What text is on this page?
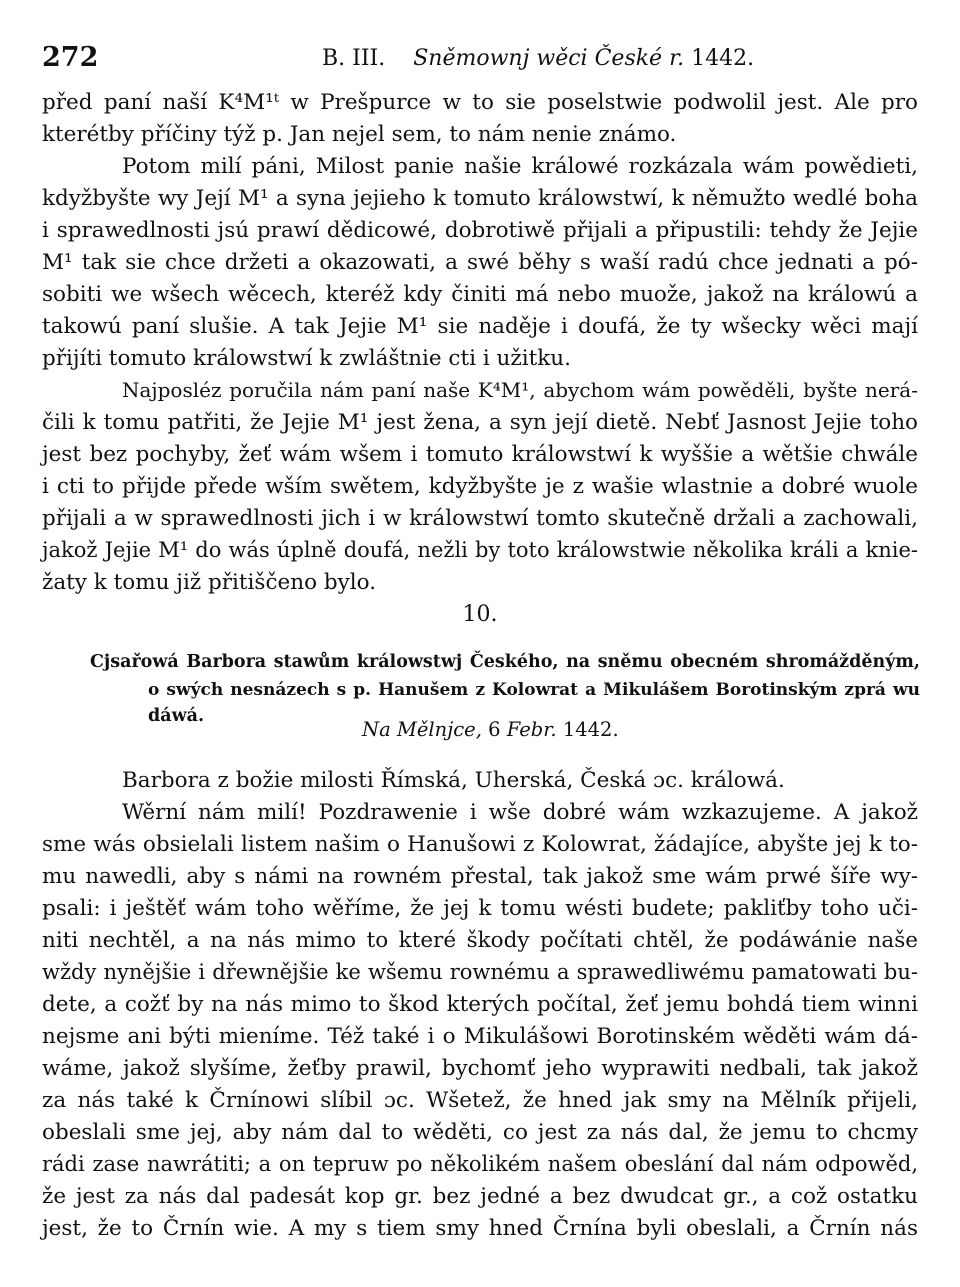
272	B. III. Sněmownj wěci České r. 1442.
před paní naší K⁴M¹ᵗ w Prešpurce w to sie poselstwie podwolil jest. Ale pro
kterétby příčiny týž p. Jan nejel sem, to nám nenie známo.
Potom milí páni, Milost panie našie králowé rozkázala wám powědieti,
kdyžbyšte wy Její M¹ a syna jejieho k tomuto králowstwí, k němužto wedlé boha
i sprawedlnosti jsú prawí dědicowé, dobrotiwě přijali a připustili: tehdy že Jejie
M¹ tak sie chce držeti a okazowati, a swé běhy s waší radú chce jednati a pó-
sobiti we wšech wěcech, kteréž kdy činiti má nebo muože, jakož na králowú a
takowú paní slušie. A tak Jejie M¹ sie naděje i doufá, že ty wšecky wěci mají
přijíti tomuto králowstwí k zwláštnie cti i užitku.
Najposléz poručila nám paní naše K⁴M¹, abychom wám powěděli, byšte nerá-
čili k tomu patřiti, že Jejie M¹ jest žena, a syn její dietě. Nebť Jasnost Jejie toho
jest bez pochyby, žeť wám wšem i tomuto králowstwí k wyššie a wětšie chwále
i cti to přijde přede wším swětem, kdyžbyšte je z wašie wlastnie a dobré wuole
přijali a w sprawedlnosti jich i w králowstwí tomto skutečně držali a zachowali,
jakož Jejie M¹ do wás úplně doufá, nežli by toto králowstwie několika králi a knie-
žaty k tomu již přitiščeno bylo.
10.
Cjsařowá Barbora stawům králowstwj Českého, na sněmu obecném shromážděným,
o swých nesnázech s p. Hanušem z Kolowrat a Mikulášem Borotinským zprá wu
dáwá.
Na Mělnjce, 6 Febr. 1442.
Barbora z božie milosti Římská, Uherská, Česká ɔc. králowá.
Wěrní nám milí! Pozdrawenie i wše dobré wám wzkazujeme. A jakož
sme wás obsielali listem našim o Hanušowi z Kolowrat, žádajíce, abyšte jej k to-
mu nawedli, aby s námi na rowném přestal, tak jakož sme wám prwé šíře wy-
psali: i ještěť wám toho wěříme, že jej k tomu wésti budete; pakliťby toho uči-
niti nechtěl, a na nás mimo to které škody počítati chtěl, že podáwánie naše
wždy nynějšie i dřewnějšie ke wšemu rownému a sprawedliwému pamatowati bu-
dete, a cožť by na nás mimo to škod kterých počítal, žeť jemu bohdá tiem winni
nejsme ani býti mieníme. Též také i o Mikulášowi Borotinském wěděti wám dá-
wáme, jakož slyšíme, žeťby prawil, bychomť jeho wyprawiti nedbali, tak jakož
za nás také k Črnínowi slíbil ɔc. Wšetež, že hned jak smy na Mělník přijeli,
obeslali sme jej, aby nám dal to wěděti, co jest za nás dal, že jemu to chcmy
rádi zase nawrátiti; a on tepruw po několikém našem obeslání dal nám odpowěd,
že jest za nás dal padesát kop gr. bez jedné a bez dwudcat gr., a což ostatku
jest, že to Črnín wie. A my s tiem smy hned Črnína byli obeslali, a Črnín nás
